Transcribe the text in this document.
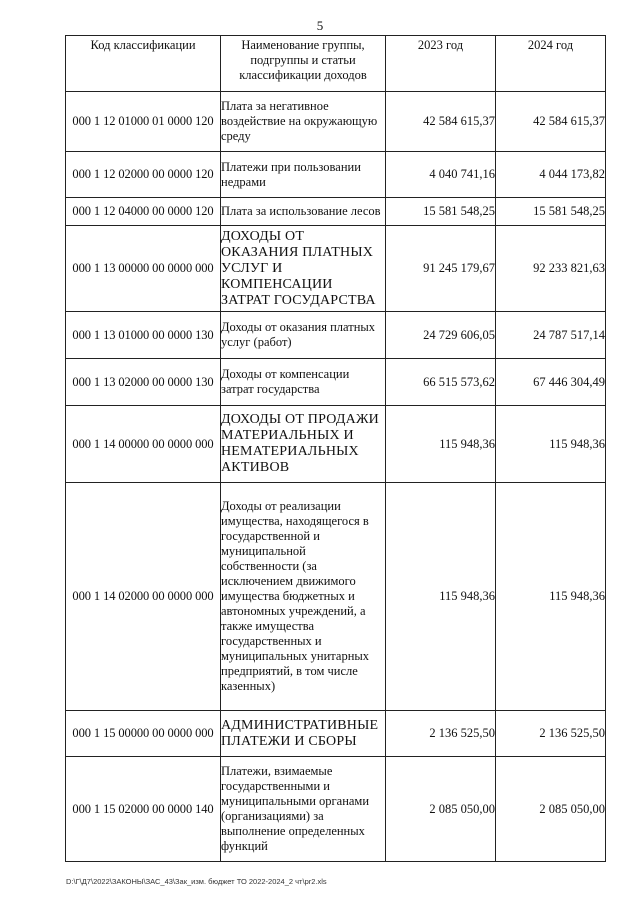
5
Код классификации	Наименование группы, подгруппы и статьи классификации доходов	2023 год	2024 год
000 1 12 01000 01 0000 120	Плата за негативное воздействие на окружающую среду	42 584 615,37	42 584 615,37
000 1 12 02000 00 0000 120	Платежи при пользовании недрами	4 040 741,16	4 044 173,82
000 1 12 04000 00 0000 120	Плата за использование лесов	15 581 548,25	15 581 548,25
000 1 13 00000 00 0000 000	ДОХОДЫ ОТ ОКАЗАНИЯ ПЛАТНЫХ УСЛУГ И КОМПЕНСАЦИИ ЗАТРАТ ГОСУДАРСТВА	91 245 179,67	92 233 821,63
000 1 13 01000 00 0000 130	Доходы от оказания платных услуг (работ)	24 729 606,05	24 787 517,14
000 1 13 02000 00 0000 130	Доходы от компенсации затрат государства	66 515 573,62	67 446 304,49
000 1 14 00000 00 0000 000	ДОХОДЫ ОТ ПРОДАЖИ МАТЕРИАЛЬНЫХ И НЕМАТЕРИАЛЬНЫХ АКТИВОВ	115 948,36	115 948,36
000 1 14 02000 00 0000 000	Доходы от реализации имущества, находящегося в государственной и муниципальной собственности (за исключением движимого имущества бюджетных и автономных учреждений, а также имущества государственных и муниципальных унитарных предприятий, в том числе казенных)	115 948,36	115 948,36
000 1 15 00000 00 0000 000	АДМИНИСТРАТИВНЫЕ ПЛАТЕЖИ И СБОРЫ	2 136 525,50	2 136 525,50
000 1 15 02000 00 0000 140	Платежи, взимаемые государственными и муниципальными органами (организациями) за выполнение определенных функций	2 085 050,00	2 085 050,00
D:\Г\Д7\2022\ЗАКОНЫ\ЗАС_43\Зак_изм. бюджет ТО 2022-2024_2 чт\pr2.xls
